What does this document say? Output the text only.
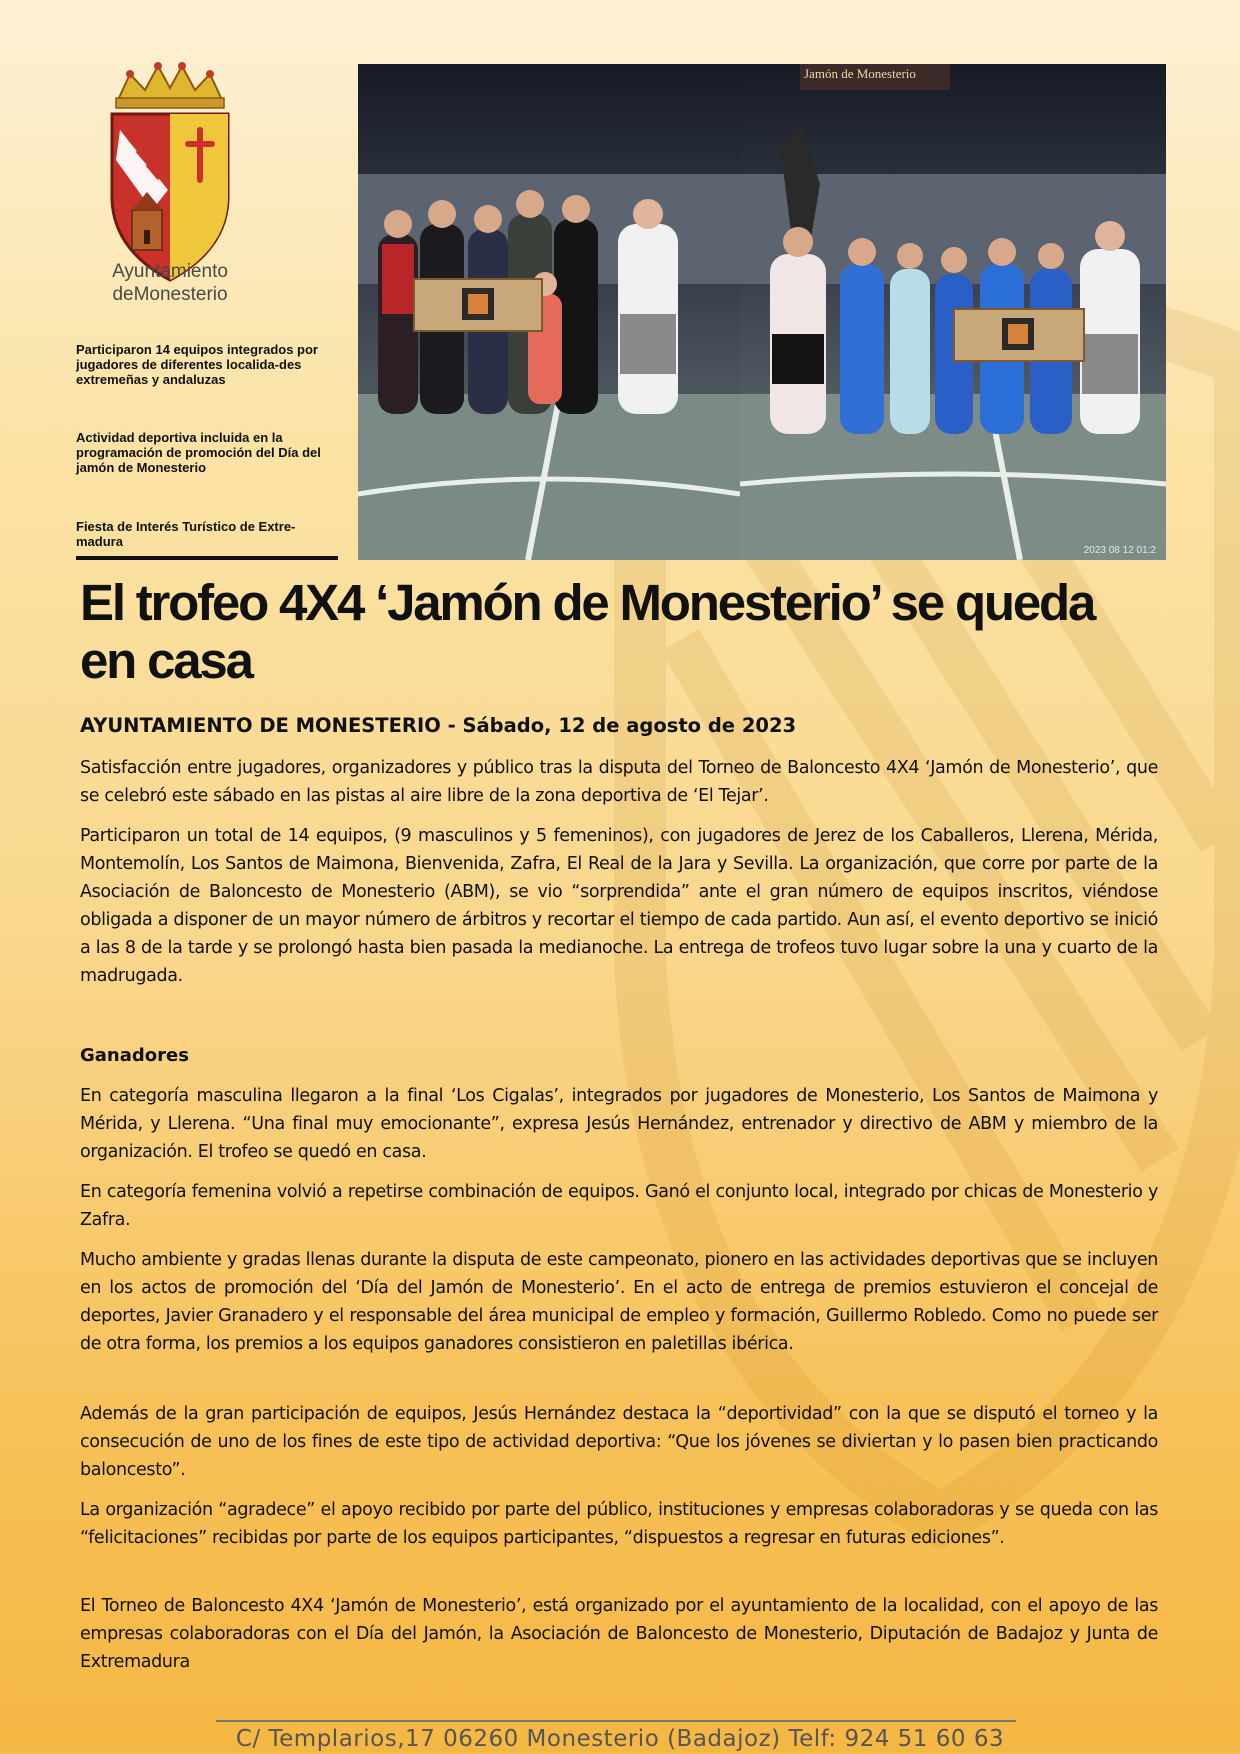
Ayuntamiento
deMonesterio
Participaron 14 equipos integrados por jugadores de diferentes localida-des extremeñas y andaluzas
Actividad deportiva incluida en la programación de promoción del Día del jamón de Monesterio
Fiesta de Interés Turístico de Extre-madura
Jamón de Monesterio
2023 08 12 01:2
El trofeo 4X4 ‘Jamón de Monesterio’ se queda en casa

AYUNTAMIENTO DE MONESTERIO - Sábado, 12 de agosto de 2023

Satisfacción entre jugadores, organizadores y público tras la disputa del Torneo de Baloncesto 4X4 ‘Jamón de Monesterio’, que se celebró este sábado en las pistas al aire libre de la zona deportiva de ‘El Tejar’.

Participaron un total de 14 equipos, (9 masculinos y 5 femeninos), con jugadores de Jerez de los Caballeros, Llerena, Mérida, Montemolín, Los Santos de Maimona, Bienvenida, Zafra, El Real de la Jara y Sevilla. La organización, que corre por parte de la Asociación de Baloncesto de Monesterio (ABM), se vio “sorprendida” ante el gran número de equipos inscritos, viéndose obligada a disponer de un mayor número de árbitros y recortar el tiempo de cada partido. Aun así, el evento deportivo se inició a las 8 de la tarde y se prolongó hasta bien pasada la medianoche. La entrega de trofeos tuvo lugar sobre la una y cuarto de la madrugada.

Ganadores

En categoría masculina llegaron a la final ‘Los Cigalas’, integrados por jugadores de Monesterio, Los Santos de Maimona y Mérida, y Llerena. “Una final muy emocionante”, expresa Jesús Hernández, entrenador y directivo de ABM y miembro de la organización. El trofeo se quedó en casa.

En categoría femenina volvió a repetirse combinación de equipos. Ganó el conjunto local, integrado por chicas de Monesterio y Zafra.

Mucho ambiente y gradas llenas durante la disputa de este campeonato, pionero en las actividades deportivas que se incluyen en los actos de promoción del ‘Día del Jamón de Monesterio’. En el acto de entrega de premios estuvieron el concejal de deportes, Javier Granadero y el responsable del área municipal de empleo y formación, Guillermo Robledo. Como no puede ser de otra forma, los premios a los equipos ganadores consistieron en paletillas ibérica.

Además de la gran participación de equipos, Jesús Hernández destaca la “deportividad” con la que se disputó el torneo y la consecución de uno de los fines de este tipo de actividad deportiva: “Que los jóvenes se diviertan y lo pasen bien practicando baloncesto”.

La organización “agradece” el apoyo recibido por parte del público, instituciones y empresas colaboradoras y se queda con las “felicitaciones” recibidas por parte de los equipos participantes, “dispuestos a regresar en futuras ediciones”.

El Torneo de Baloncesto 4X4 ‘Jamón de Monesterio’, está organizado por el ayuntamiento de la localidad, con el apoyo de las empresas colaboradoras con el Día del Jamón, la Asociación de Baloncesto de Monesterio, Diputación de Badajoz y Junta de Extremadura

C/ Templarios,17 06260 Monesterio (Badajoz) Telf: 924 51 60 63
